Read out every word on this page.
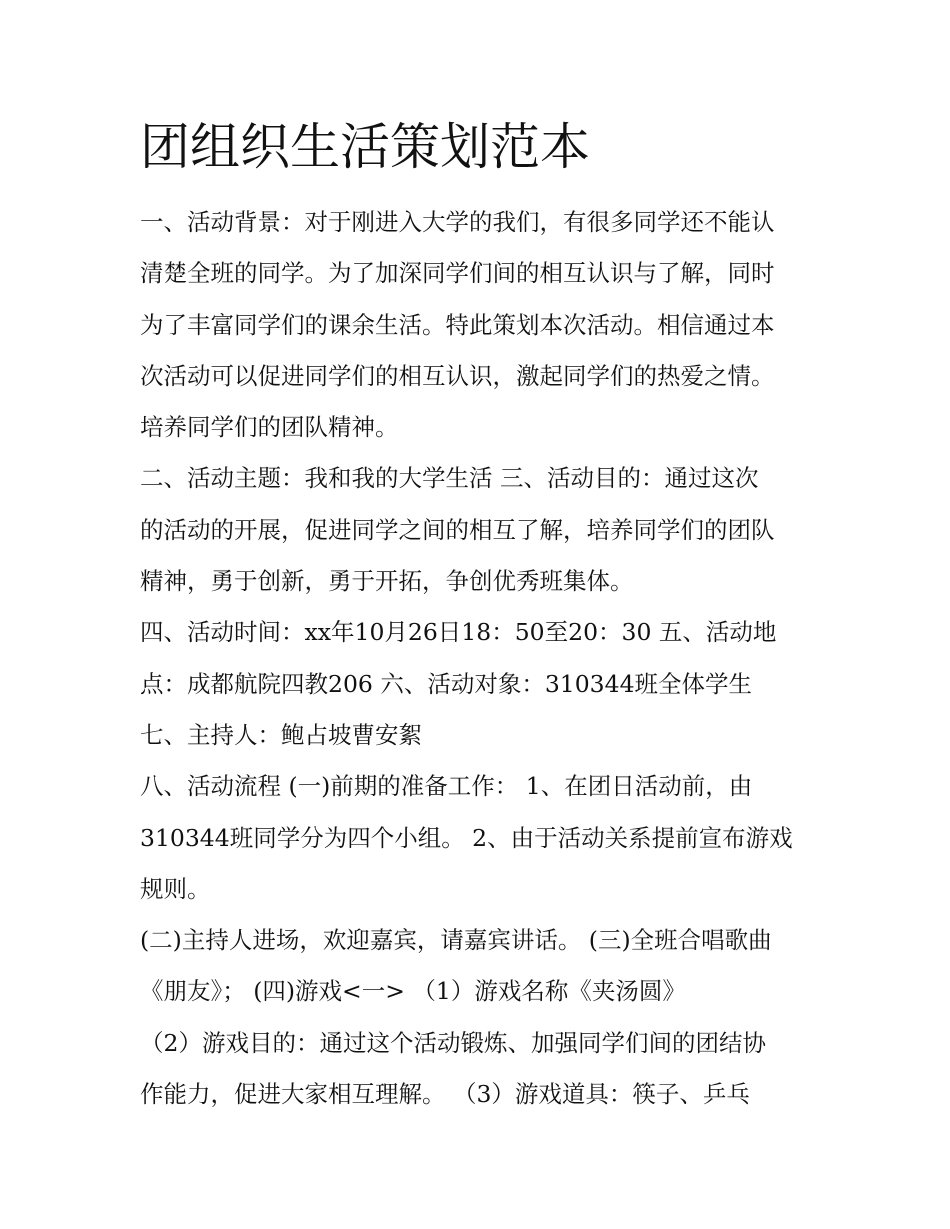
团组织生活策划范本
一、活动背景：对于刚进入大学的我们，有很多同学还不能认
清楚全班的同学。为了加深同学们间的相互认识与了解，同时
为了丰富同学们的课余生活。特此策划本次活动。相信通过本
次活动可以促进同学们的相互认识，激起同学们的热爱之情。
培养同学们的团队精神。
二、活动主题：我和我的大学生活 三、活动目的：通过这次
的活动的开展，促进同学之间的相互了解，培养同学们的团队
精神，勇于创新，勇于开拓，争创优秀班集体。
四、活动时间：xx年10月26日18：50至20：30 五、活动地
点：成都航院四教206 六、活动对象：310344班全体学生
七、主持人：鲍占坡曹安絮
八、活动流程 (一)前期的准备工作： 1、在团日活动前，由
310344班同学分为四个小组。 2、由于活动关系提前宣布游戏
规则。
(二)主持人进场，欢迎嘉宾，请嘉宾讲话。 (三)全班合唱歌曲
《朋友》； (四)游戏<一> （1）游戏名称《夹汤圆》
（2）游戏目的：通过这个活动锻炼、加强同学们间的团结协
作能力，促进大家相互理解。 （3）游戏道具：筷子、乒乓
